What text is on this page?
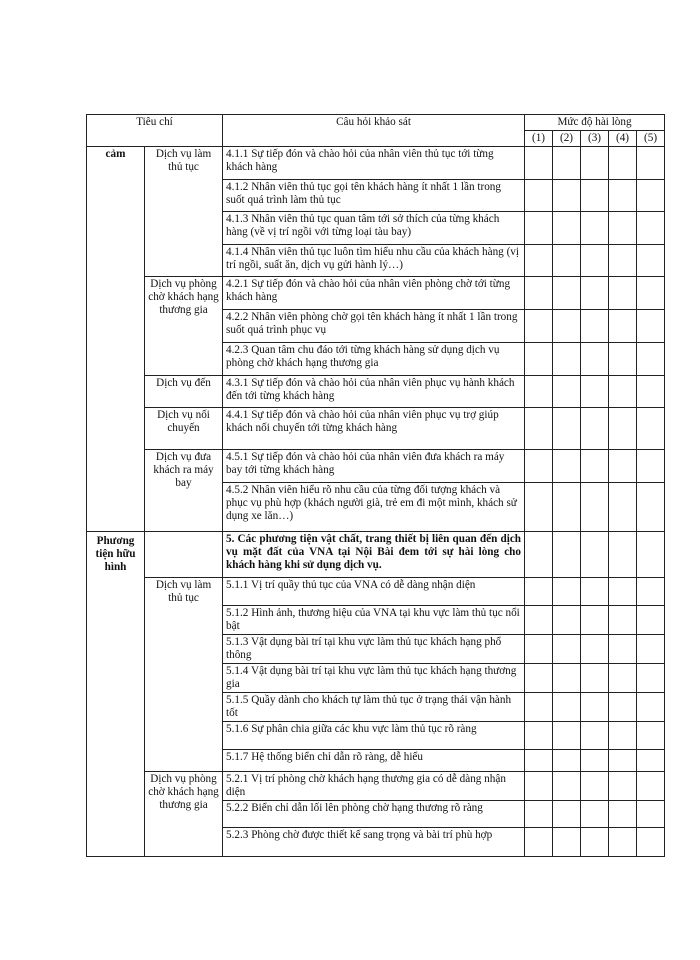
Tiêu chí		Câu hỏi khảo sát	Mức độ hài lòng				
			(1)	(2)	(3)	(4)	(5)
cảm	Dịch vụ làm thủ tục	4.1.1 Sự tiếp đón và chào hỏi của nhân viên thủ tục tới từng khách hàng					
		4.1.2 Nhân viên thủ tục gọi tên khách hàng ít nhất 1 lần trong suốt quá trình làm thủ tục					
		4.1.3 Nhân viên thủ tục quan tâm tới sở thích của từng khách hàng (về vị trí ngồi với từng loại tàu bay)					
		4.1.4 Nhân viên thủ tục luôn tìm hiểu nhu cầu của khách hàng (vị trí ngồi, suất ăn, dịch vụ gửi hành lý…)					
	Dịch vụ phòng chờ khách hạng thương gia	4.2.1 Sự tiếp đón và chào hỏi của nhân viên phòng chờ tới từng khách hàng					
		4.2.2 Nhân viên phòng chờ gọi tên khách hàng ít nhất 1 lần trong suốt quá trình phục vụ					
		4.2.3 Quan tâm chu đáo tới từng khách hàng sử dụng dịch vụ phòng chờ khách hạng thương gia					
	Dịch vụ đến	4.3.1 Sự tiếp đón và chào hỏi của nhân viên phục vụ hành khách đến tới từng khách hàng					
	Dịch vụ nối chuyến	4.4.1 Sự tiếp đón và chào hỏi của nhân viên phục vụ trợ giúp khách nối chuyến tới từng khách hàng					
	Dịch vụ đưa khách ra máy bay	4.5.1 Sự tiếp đón và chào hỏi của nhân viên đưa khách ra máy bay tới từng khách hàng					
		4.5.2 Nhân viên hiểu rõ nhu cầu của từng đối tượng khách và phục vụ phù hợp (khách người già, trẻ em đi một mình, khách sử dụng xe lăn…)					
Phương tiện hữu hình		5. Các phương tiện vật chất, trang thiết bị liên quan đến dịch vụ mặt đất của VNA tại Nội Bài đem tới sự hài lòng cho khách hàng khi sử dụng dịch vụ.					
	Dịch vụ làm thủ tục	5.1.1 Vị trí quầy thủ tục của VNA có dễ dàng nhận diện					
		5.1.2 Hình ảnh, thương hiệu của VNA tại khu vực làm thủ tục nổi bật					
		5.1.3 Vật dụng bài trí tại khu vực làm thủ tục khách hạng phổ thông					
		5.1.4 Vật dụng bài trí tại khu vực làm thủ tục khách hạng thương gia					
		5.1.5 Quầy dành cho khách tự làm thủ tục ở trạng thái vận hành tốt					
		5.1.6 Sự phân chia giữa các khu vực làm thủ tục rõ ràng					
		5.1.7 Hệ thống biển chỉ dẫn rõ ràng, dễ hiểu					
	Dịch vụ phòng chờ khách hạng thương gia	5.2.1 Vị trí phòng chờ khách hạng thương gia có dễ dàng nhận diện					
		5.2.2 Biển chỉ dẫn lối lên phòng chờ hạng thương rõ ràng					
		5.2.3 Phòng chờ được thiết kế sang trọng và bài trí phù hợp					
